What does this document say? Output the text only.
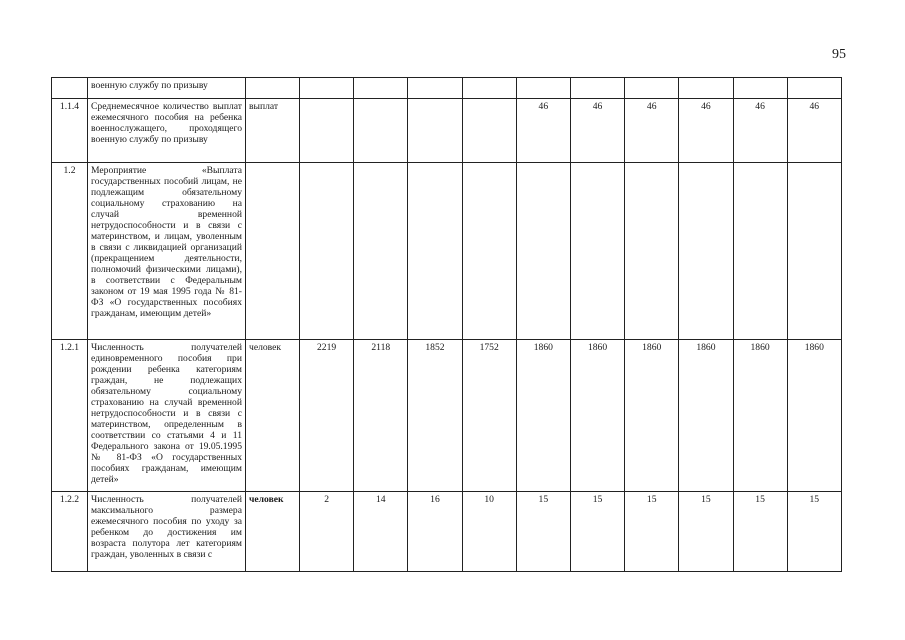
95
	военную службу по призыву											
1.1.4	Среднемесячное количество выплат ежемесячного пособия на ребенка военнослужащего, проходящего военную службу по призыву	выплат					46	46	46	46	46	46
1.2	Мероприятие «Выплата государственных пособий лицам, не подлежащим обязательному социальному страхованию на случай временной нетрудоспособности и в связи с материнством, и лицам, уволенным в связи с ликвидацией организаций (прекращением деятельности, полномочий физическими лицами), в соответствии с Федеральным законом от 19 мая 1995 года № 81-ФЗ «О государственных пособиях гражданам, имеющим детей»											
1.2.1	Численность получателей единовременного пособия при рождении ребенка категориям граждан, не подлежащих обязательному социальному страхованию на случай временной нетрудоспособности и в связи с материнством, определенным в соответствии со статьями 4 и 11 Федерального закона от 19.05.1995 № 81-ФЗ «О государственных пособиях гражданам, имеющим детей»	человек	2219	2118	1852	1752	1860	1860	1860	1860	1860	1860
1.2.2	Численность получателей максимального размера ежемесячного пособия по уходу за ребенком до достижения им возраста полутора лет категориям граждан, уволенных в связи с	человек	2	14	16	10	15	15	15	15	15	15
